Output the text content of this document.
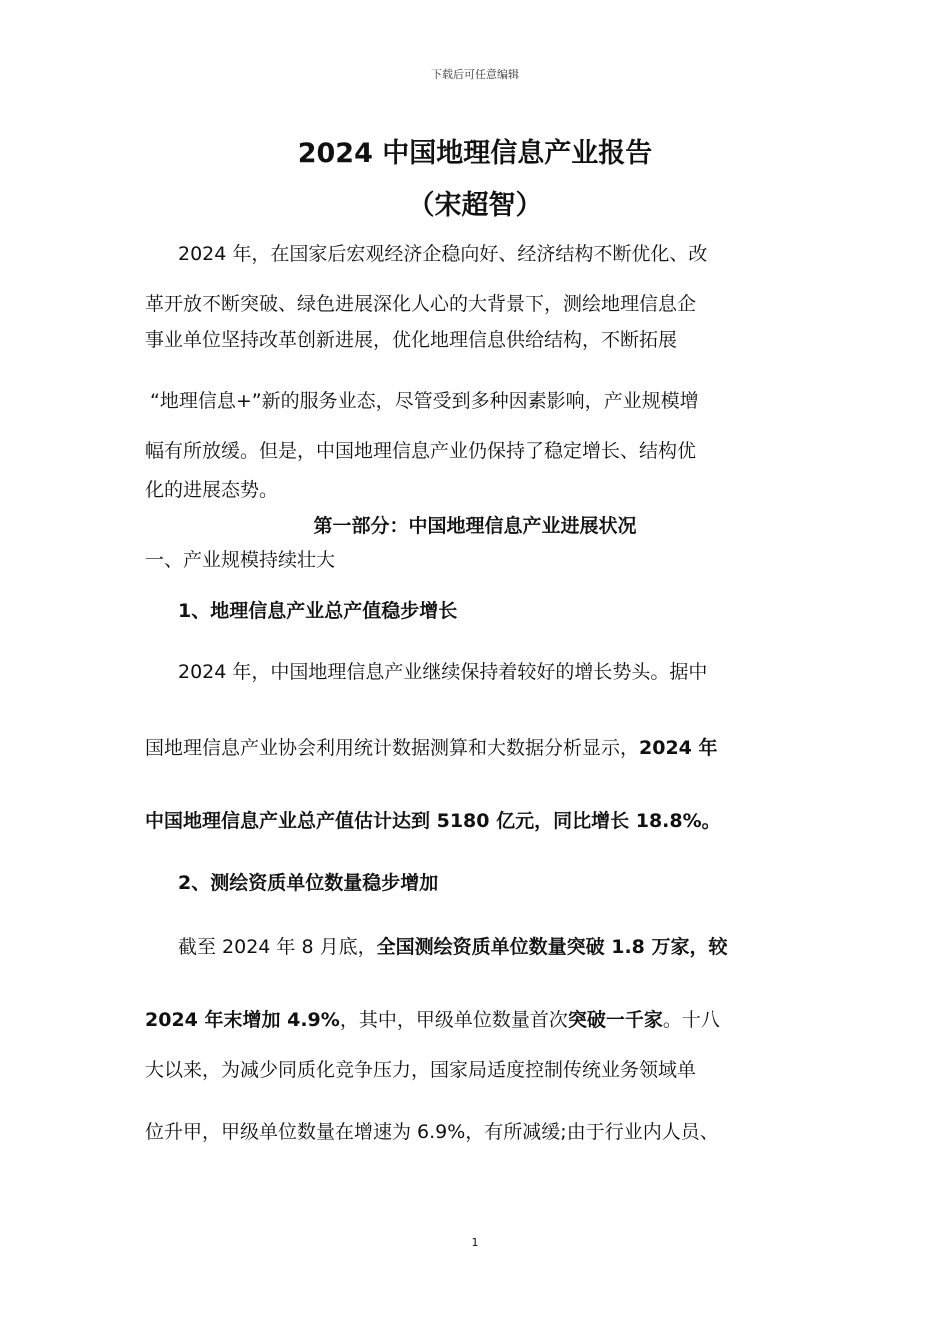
下载后可任意编辑
2024 中国地理信息产业报告
（宋超智）
2024 年，在国家后宏观经济企稳向好、经济结构不断优化、改
革开放不断突破、绿色进展深化人心的大背景下，测绘地理信息企
事业单位坚持改革创新进展，优化地理信息供给结构，不断拓展
“地理信息+”新的服务业态，尽管受到多种因素影响，产业规模增
幅有所放缓。但是，中国地理信息产业仍保持了稳定增长、结构优
化的进展态势。
第一部分：中国地理信息产业进展状况
一、产业规模持续壮大
1、地理信息产业总产值稳步增长
2024 年，中国地理信息产业继续保持着较好的增长势头。据中
国地理信息产业协会利用统计数据测算和大数据分析显示，2024 年
中国地理信息产业总产值估计达到 5180 亿元，同比增长 18.8%。
2、测绘资质单位数量稳步增加
截至 2024 年 8 月底，全国测绘资质单位数量突破 1.8 万家，较
2024 年末增加 4.9%，其中，甲级单位数量首次突破一千家。十八
大以来，为减少同质化竞争压力，国家局适度控制传统业务领域单
位升甲，甲级单位数量在增速为 6.9%，有所减缓;由于行业内人员、
1
